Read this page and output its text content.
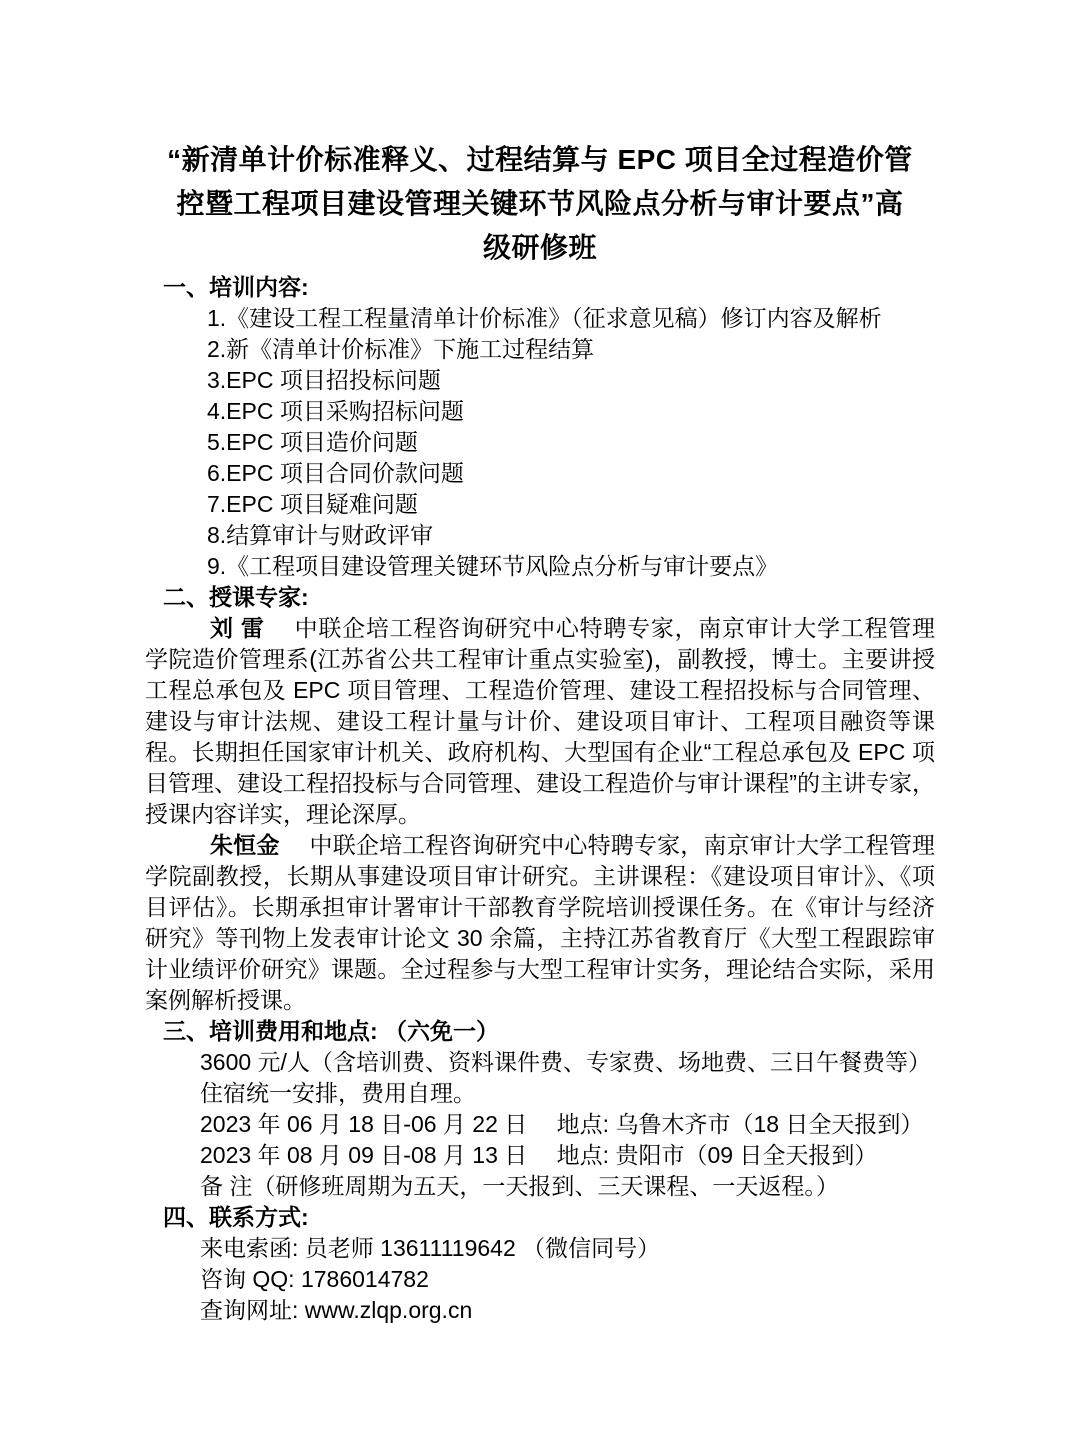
“新清单计价标准释义、过程结算与 EPC 项目全过程造价管
控暨工程项目建设管理关键环节风险点分析与审计要点”高
级研修班
一、培训内容:
1.《建设工程工程量清单计价标准》（征求意见稿）修订内容及解析
2.新《清单计价标准》下施工过程结算
3.EPC 项目招投标问题
4.EPC 项目采购招标问题
5.EPC 项目造价问题
6.EPC 项目合同价款问题
7.EPC 项目疑难问题
8.结算审计与财政评审
9.《工程项目建设管理关键环节风险点分析与审计要点》
二、授课专家:

刘 雷 中联企培工程咨询研究中心特聘专家，南京审计大学工程管理学院造价管理系(江苏省公共工程审计重点实验室)，副教授，博士。主要讲授工程总承包及 EPC 项目管理、工程造价管理、建设工程招投标与合同管理、建设与审计法规、建设工程计量与计价、建设项目审计、工程项目融资等课程。长期担任国家审计机关、政府机构、大型国有企业“工程总承包及 EPC 项目管理、建设工程招投标与合同管理、建设工程造价与审计课程”的主讲专家，授课内容详实，理论深厚。

朱恒金 中联企培工程咨询研究中心特聘专家，南京审计大学工程管理学院副教授，长期从事建设项目审计研究。主讲课程：《建设项目审计》、《项目评估》。长期承担审计署审计干部教育学院培训授课任务。在《审计与经济研究》等刊物上发表审计论文 30 余篇，主持江苏省教育厅《大型工程跟踪审计业绩评价研究》课题。全过程参与大型工程审计实务，理论结合实际，采用案例解析授课。

三、培训费用和地点: （六免一）
3600 元/人（含培训费、资料课件费、专家费、场地费、三日午餐费等）
住宿统一安排，费用自理。
2023 年 06 月 18 日-06 月 22 日　 地点: 乌鲁木齐市（18 日全天报到）
2023 年 08 月 09 日-08 月 13 日　 地点: 贵阳市（09 日全天报到）
备 注（研修班周期为五天，一天报到、三天课程、一天返程。）
四、联系方式:
来电索函: 员老师 13611119642 （微信同号）
咨询 QQ: 1786014782
查询网址: www.zlqp.org.cn
